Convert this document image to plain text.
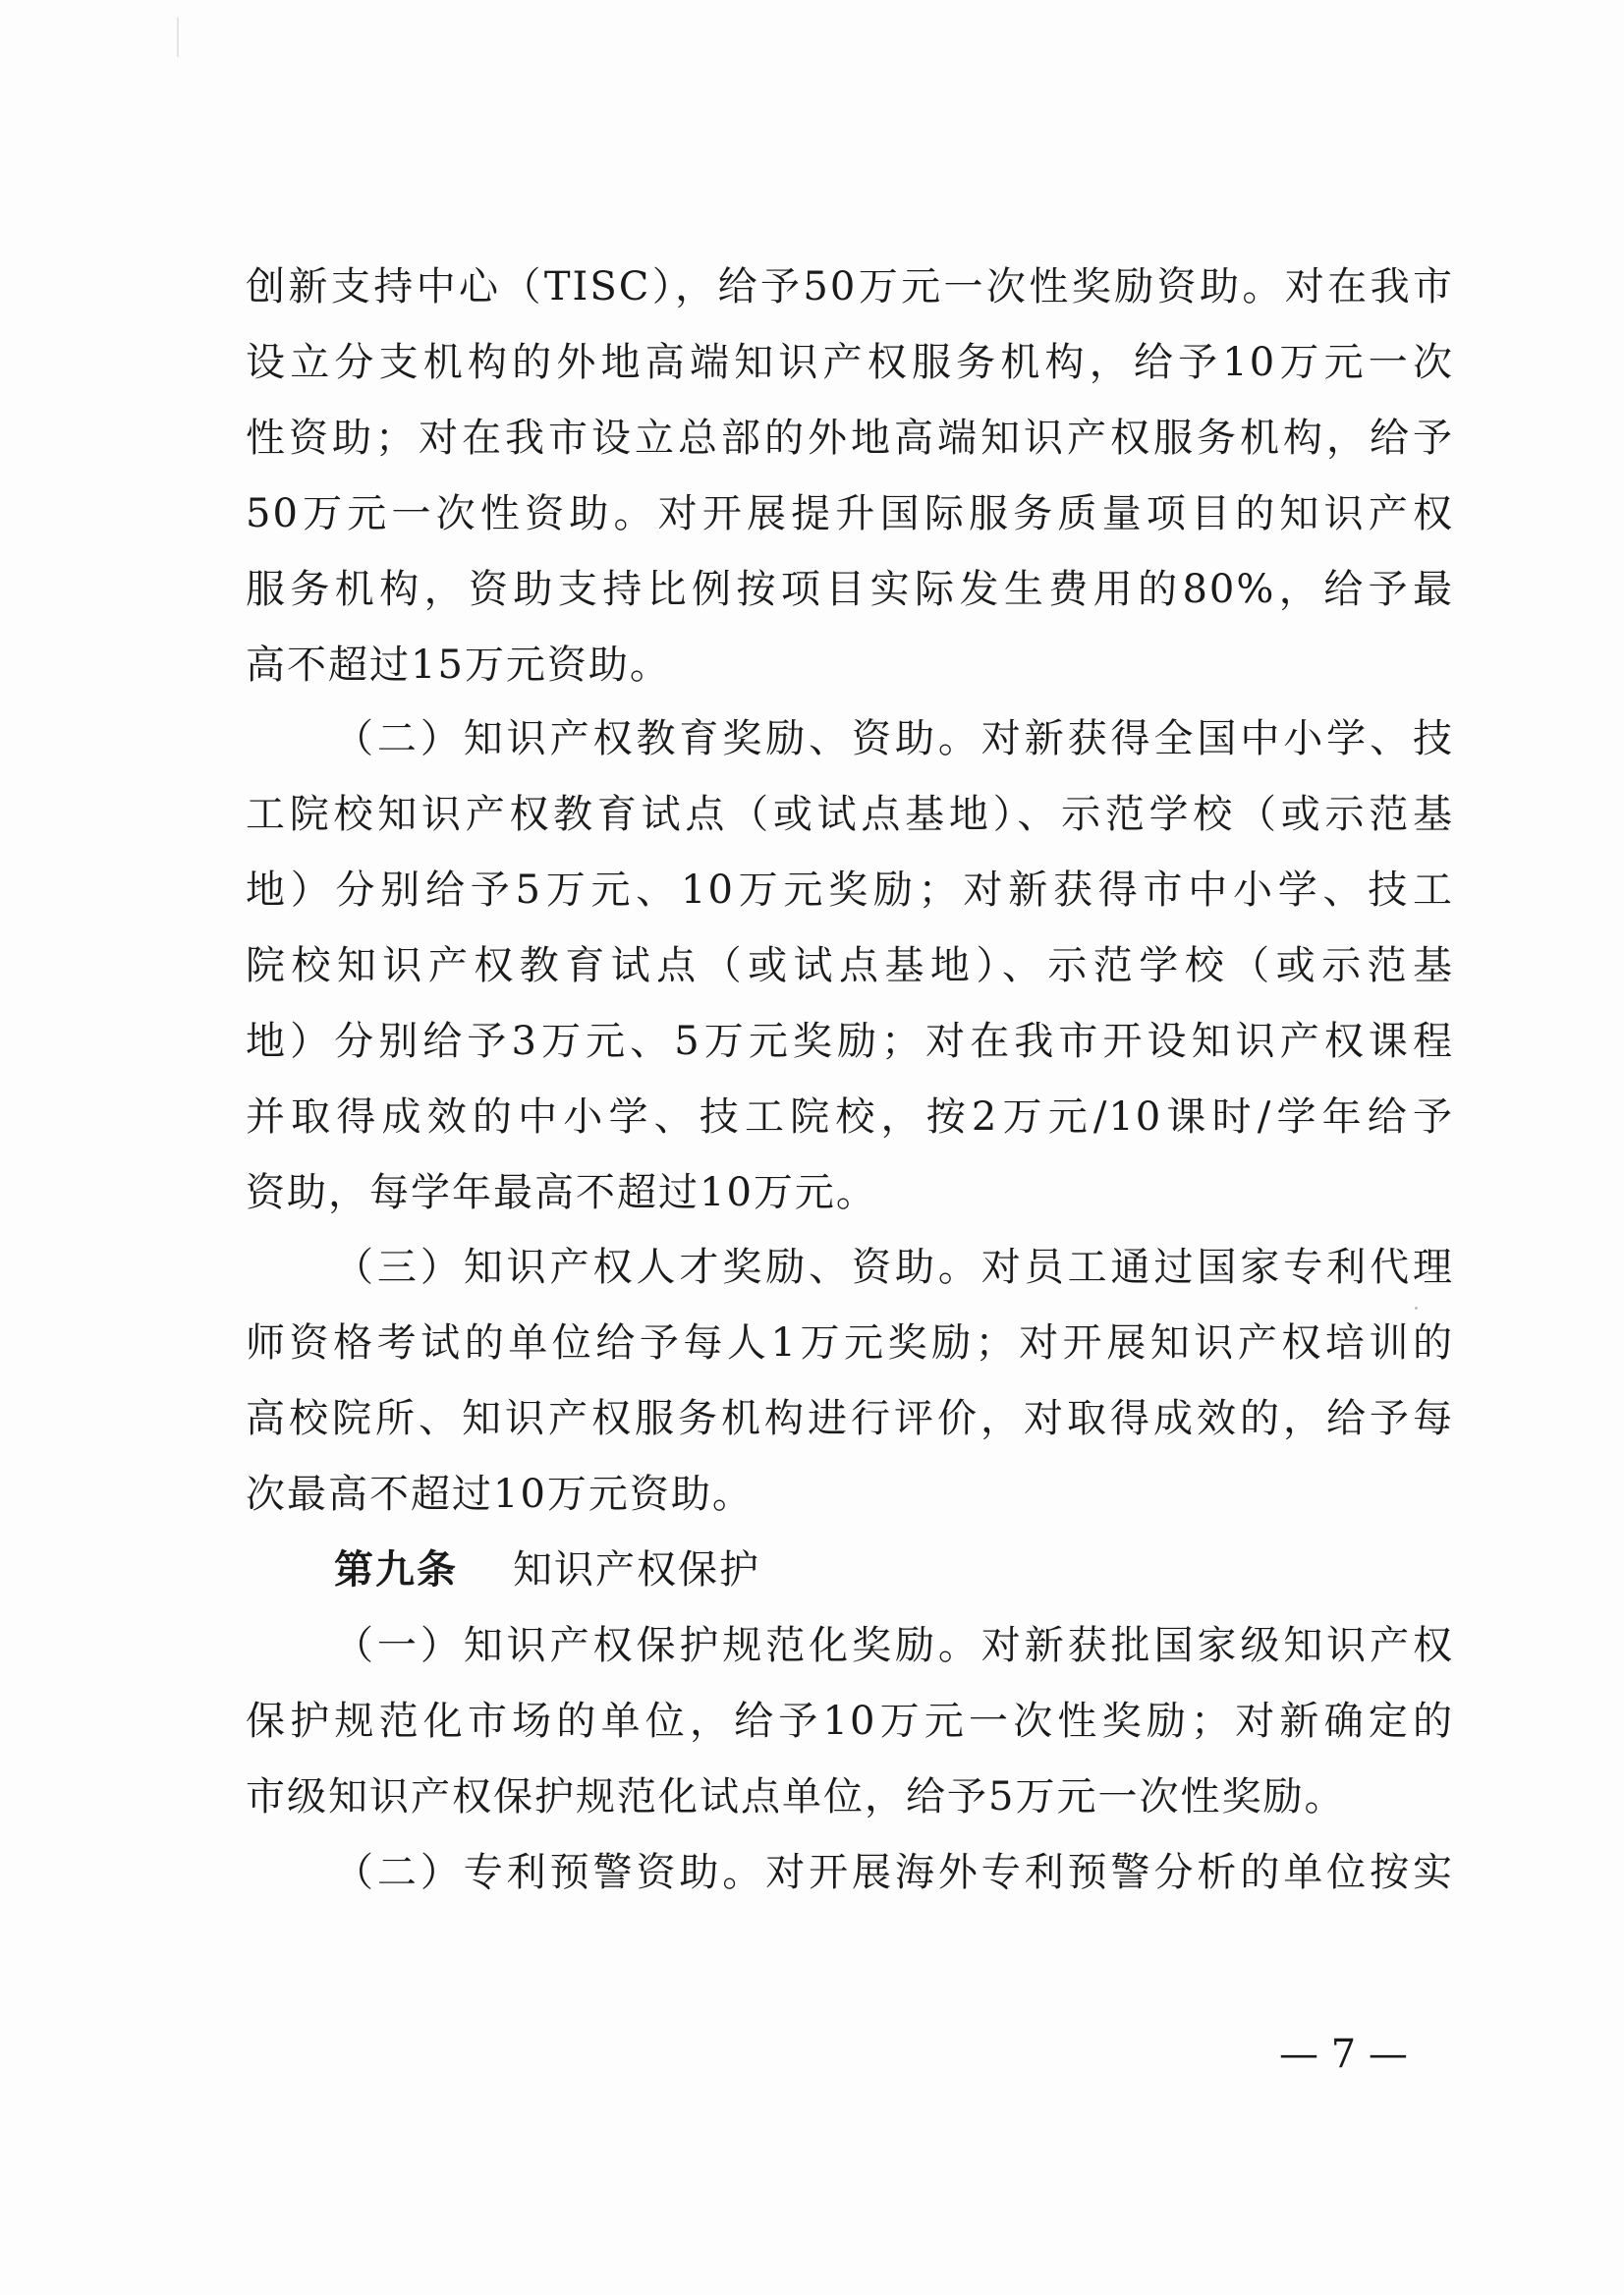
创新支持中心（TISC），给予50万元一次性奖励资助。对在我市
设立分支机构的外地高端知识产权服务机构，给予10万元一次
性资助；对在我市设立总部的外地高端知识产权服务机构，给予
50万元一次性资助。对开展提升国际服务质量项目的知识产权
服务机构，资助支持比例按项目实际发生费用的80%，给予最
高不超过15万元资助。
（二）知识产权教育奖励、资助。对新获得全国中小学、技
工院校知识产权教育试点（或试点基地）、示范学校（或示范基
地）分别给予5万元、10万元奖励；对新获得市中小学、技工
院校知识产权教育试点（或试点基地）、示范学校（或示范基
地）分别给予3万元、5万元奖励；对在我市开设知识产权课程
并取得成效的中小学、技工院校，按2万元/10课时/学年给予
资助，每学年最高不超过10万元。
（三）知识产权人才奖励、资助。对员工通过国家专利代理
师资格考试的单位给予每人1万元奖励；对开展知识产权培训的
高校院所、知识产权服务机构进行评价，对取得成效的，给予每
次最高不超过10万元资助。
第九条 知识产权保护
（一）知识产权保护规范化奖励。对新获批国家级知识产权
保护规范化市场的单位，给予10万元一次性奖励；对新确定的
市级知识产权保护规范化试点单位，给予5万元一次性奖励。
（二）专利预警资助。对开展海外专利预警分析的单位按实
— 7 —
